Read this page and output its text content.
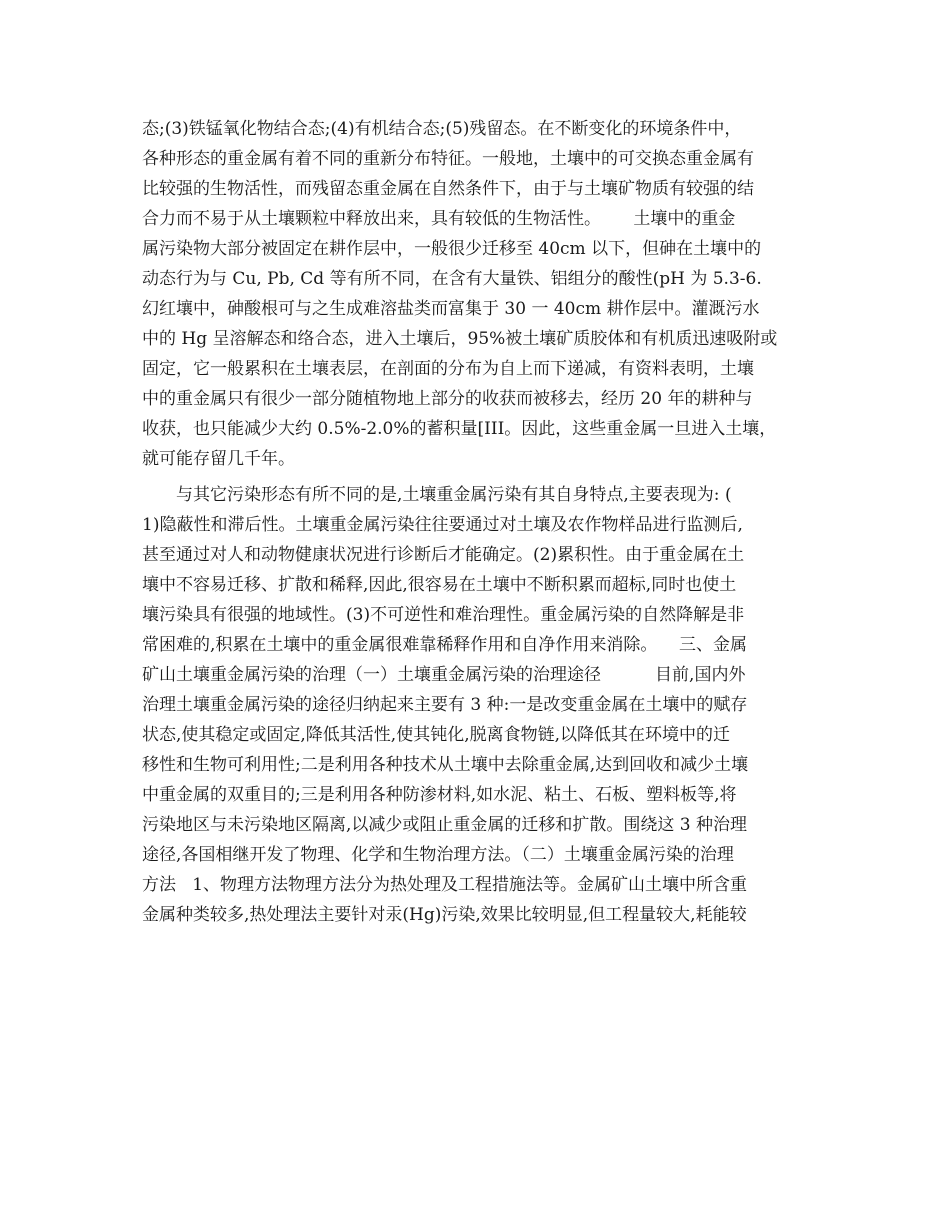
态;(3)铁锰氧化物结合态;(4)有机结合态;(5)残留态。在不断变化的环境条件中，
各种形态的重金属有着不同的重新分布特征。一般地，土壤中的可交换态重金属有
比较强的生物活性，而残留态重金属在自然条件下，由于与土壤矿物质有较强的结
合力而不易于从土壤颗粒中释放出来，具有较低的生物活性。      土壤中的重金
属污染物大部分被固定在耕作层中，一般很少迁移至 40cm 以下，但砷在土壤中的
动态行为与 Cu, Pb, Cd 等有所不同，在含有大量铁、铝组分的酸性(pH 为 5.3-6.
幻红壤中，砷酸根可与之生成难溶盐类而富集于 30 一 40cm 耕作层中。灌溉污水
中的 Hg 呈溶解态和络合态，进入土壤后，95%被土壤矿质胶体和有机质迅速吸附或
固定，它一般累积在土壤表层，在剖面的分布为自上而下递减，有资料表明，土壤
中的重金属只有很少一部分随植物地上部分的收获而被移去，经历 20 年的耕种与
收获，也只能减少大约 0.5%-2.0%的蓄积量[III。因此，这些重金属一旦进入土壤，
就可能存留几千年。
与其它污染形态有所不同的是,土壤重金属污染有其自身特点,主要表现为: (
1)隐蔽性和滞后性。土壤重金属污染往往要通过对土壤及农作物样品进行监测后,
甚至通过对人和动物健康状况进行诊断后才能确定。(2)累积性。由于重金属在土
壤中不容易迁移、扩散和稀释,因此,很容易在土壤中不断积累而超标,同时也使土
壤污染具有很强的地域性。(3)不可逆性和难治理性。重金属污染的自然降解是非
常困难的,积累在土壤中的重金属很难靠稀释作用和自净作用来消除。    三、金属
矿山土壤重金属污染的治理（一）土壤重金属污染的治理途径          目前,国内外
治理土壤重金属污染的途径归纳起来主要有 3 种:一是改变重金属在土壤中的赋存
状态,使其稳定或固定,降低其活性,使其钝化,脱离食物链,以降低其在环境中的迁
移性和生物可利用性;二是利用各种技术从土壤中去除重金属,达到回收和减少土壤
中重金属的双重目的;三是利用各种防渗材料,如水泥、粘土、石板、塑料板等,将
污染地区与未污染地区隔离,以减少或阻止重金属的迁移和扩散。围绕这 3 种治理
途径,各国相继开发了物理、化学和生物治理方法。（二）土壤重金属污染的治理
方法   1、物理方法物理方法分为热处理及工程措施法等。金属矿山土壤中所含重
金属种类较多,热处理法主要针对汞(Hg)污染,效果比较明显,但工程量较大,耗能较
